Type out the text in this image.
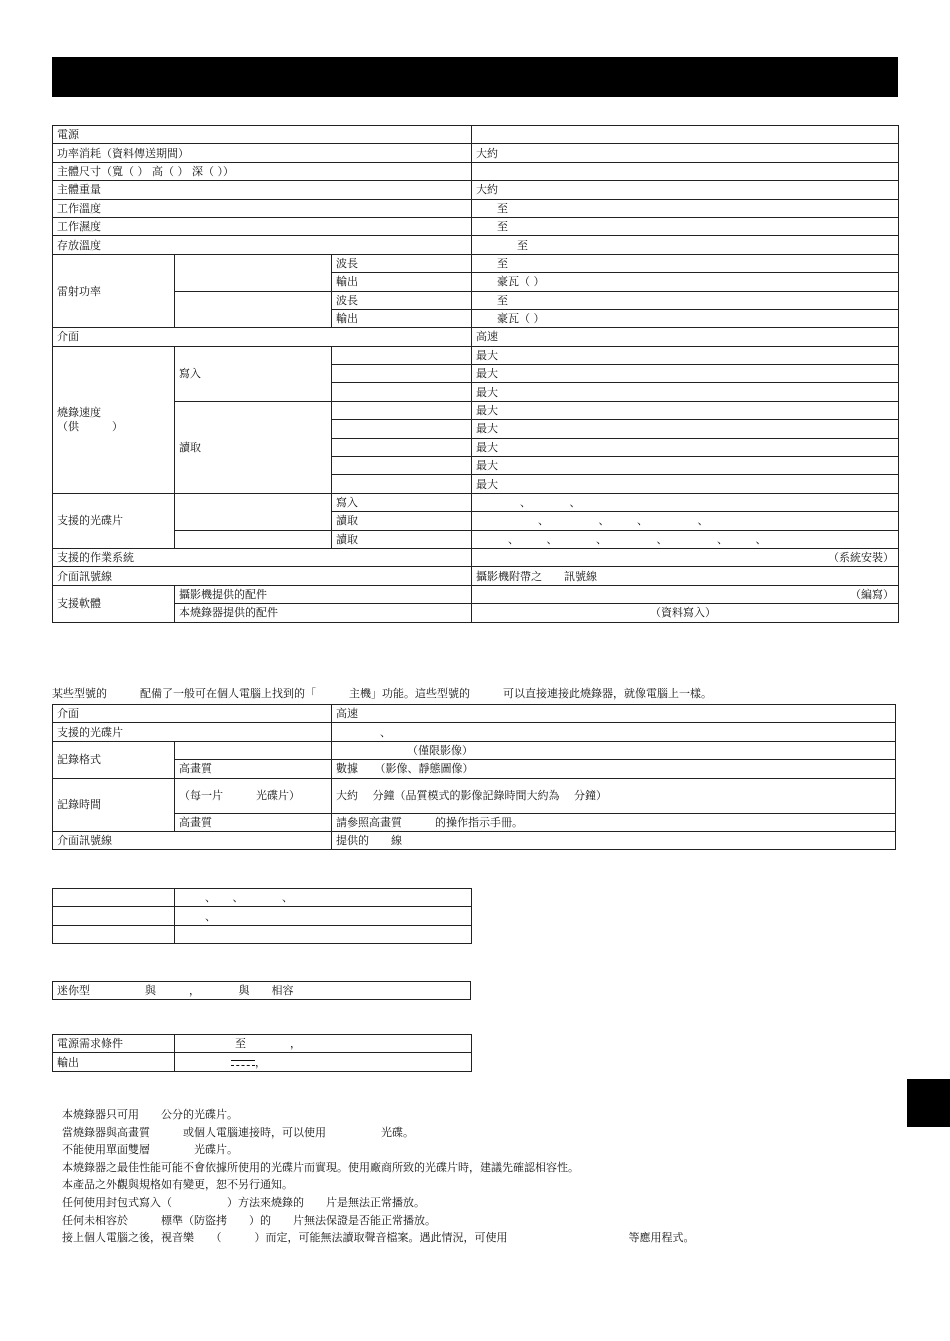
電源			
功率消耗（資料傳送期間）			大約
主體尺寸（寬（ ） 高（ ） 深（ ））			
主體重量			大約
工作溫度			至
工作濕度			至
存放溫度			至
雷射功率		波長	至
		輸出	豪瓦（ ）
		波長	至
		輸出	豪瓦（ ）
介面			高速
燒錄速度
（供　　　）	寫入		最大
			最大
			最大
	讀取		最大
			最大
			最大
			最大
			最大
支援的光碟片		寫入	、　　　　、
		讀取	、　　　　　、　　　、　　　　　、
		讀取	、　　　、　　　　、　　　　　、　　　　　、　　　、
支援的作業系統			（系統安裝）
介面訊號線			攝影機附帶之　　訊號線
支援軟體	攝影機提供的配件		（編寫）
	本燒錄器提供的配件		（資料寫入）
某些型號的　　　配備了一般可在個人電腦上找到的「　　　主機」功能。這些型號的　　　可以直接連接此燒錄器，就像電腦上一樣。
介面		高速
支援的光碟片		、
記錄格式		（僅限影像）
	高畫質	數據　　（影像、靜態圖像）
記錄時間	（每一片　　　光碟片）	大約　 分鐘（品質模式的影像記錄時間大約為　 分鐘）
	高畫質	請參照高畫質　　　的操作指示手冊。
介面訊號線		提供的　　線
	、　　、　　　　、
	、

迷你型　　　　　與　　　，　　　　與　　相容
電源需求條件	至　　　　，
輸出	，
本燒錄器只可用　　公分的光碟片。
當燒錄器與高畫質　　　或個人電腦連接時，可以使用　　　　　光碟。
不能使用單面雙層　　　　光碟片。
本燒錄器之最佳性能可能不會依據所使用的光碟片而實現。使用廠商所致的光碟片時，建議先確認相容性。
本產品之外觀與規格如有變更，恕不另行通知。
任何使用封包式寫入（　　　　　）方法來燒錄的　　片是無法正常播放。
任何未相容於　　　標準（防盜拷　　）的　　片無法保證是否能正常播放。
接上個人電腦之後，視音樂　　（　　　）而定，可能無法讀取聲音檔案。遇此情況，可使用　　　　　　　　　　　等應用程式。
